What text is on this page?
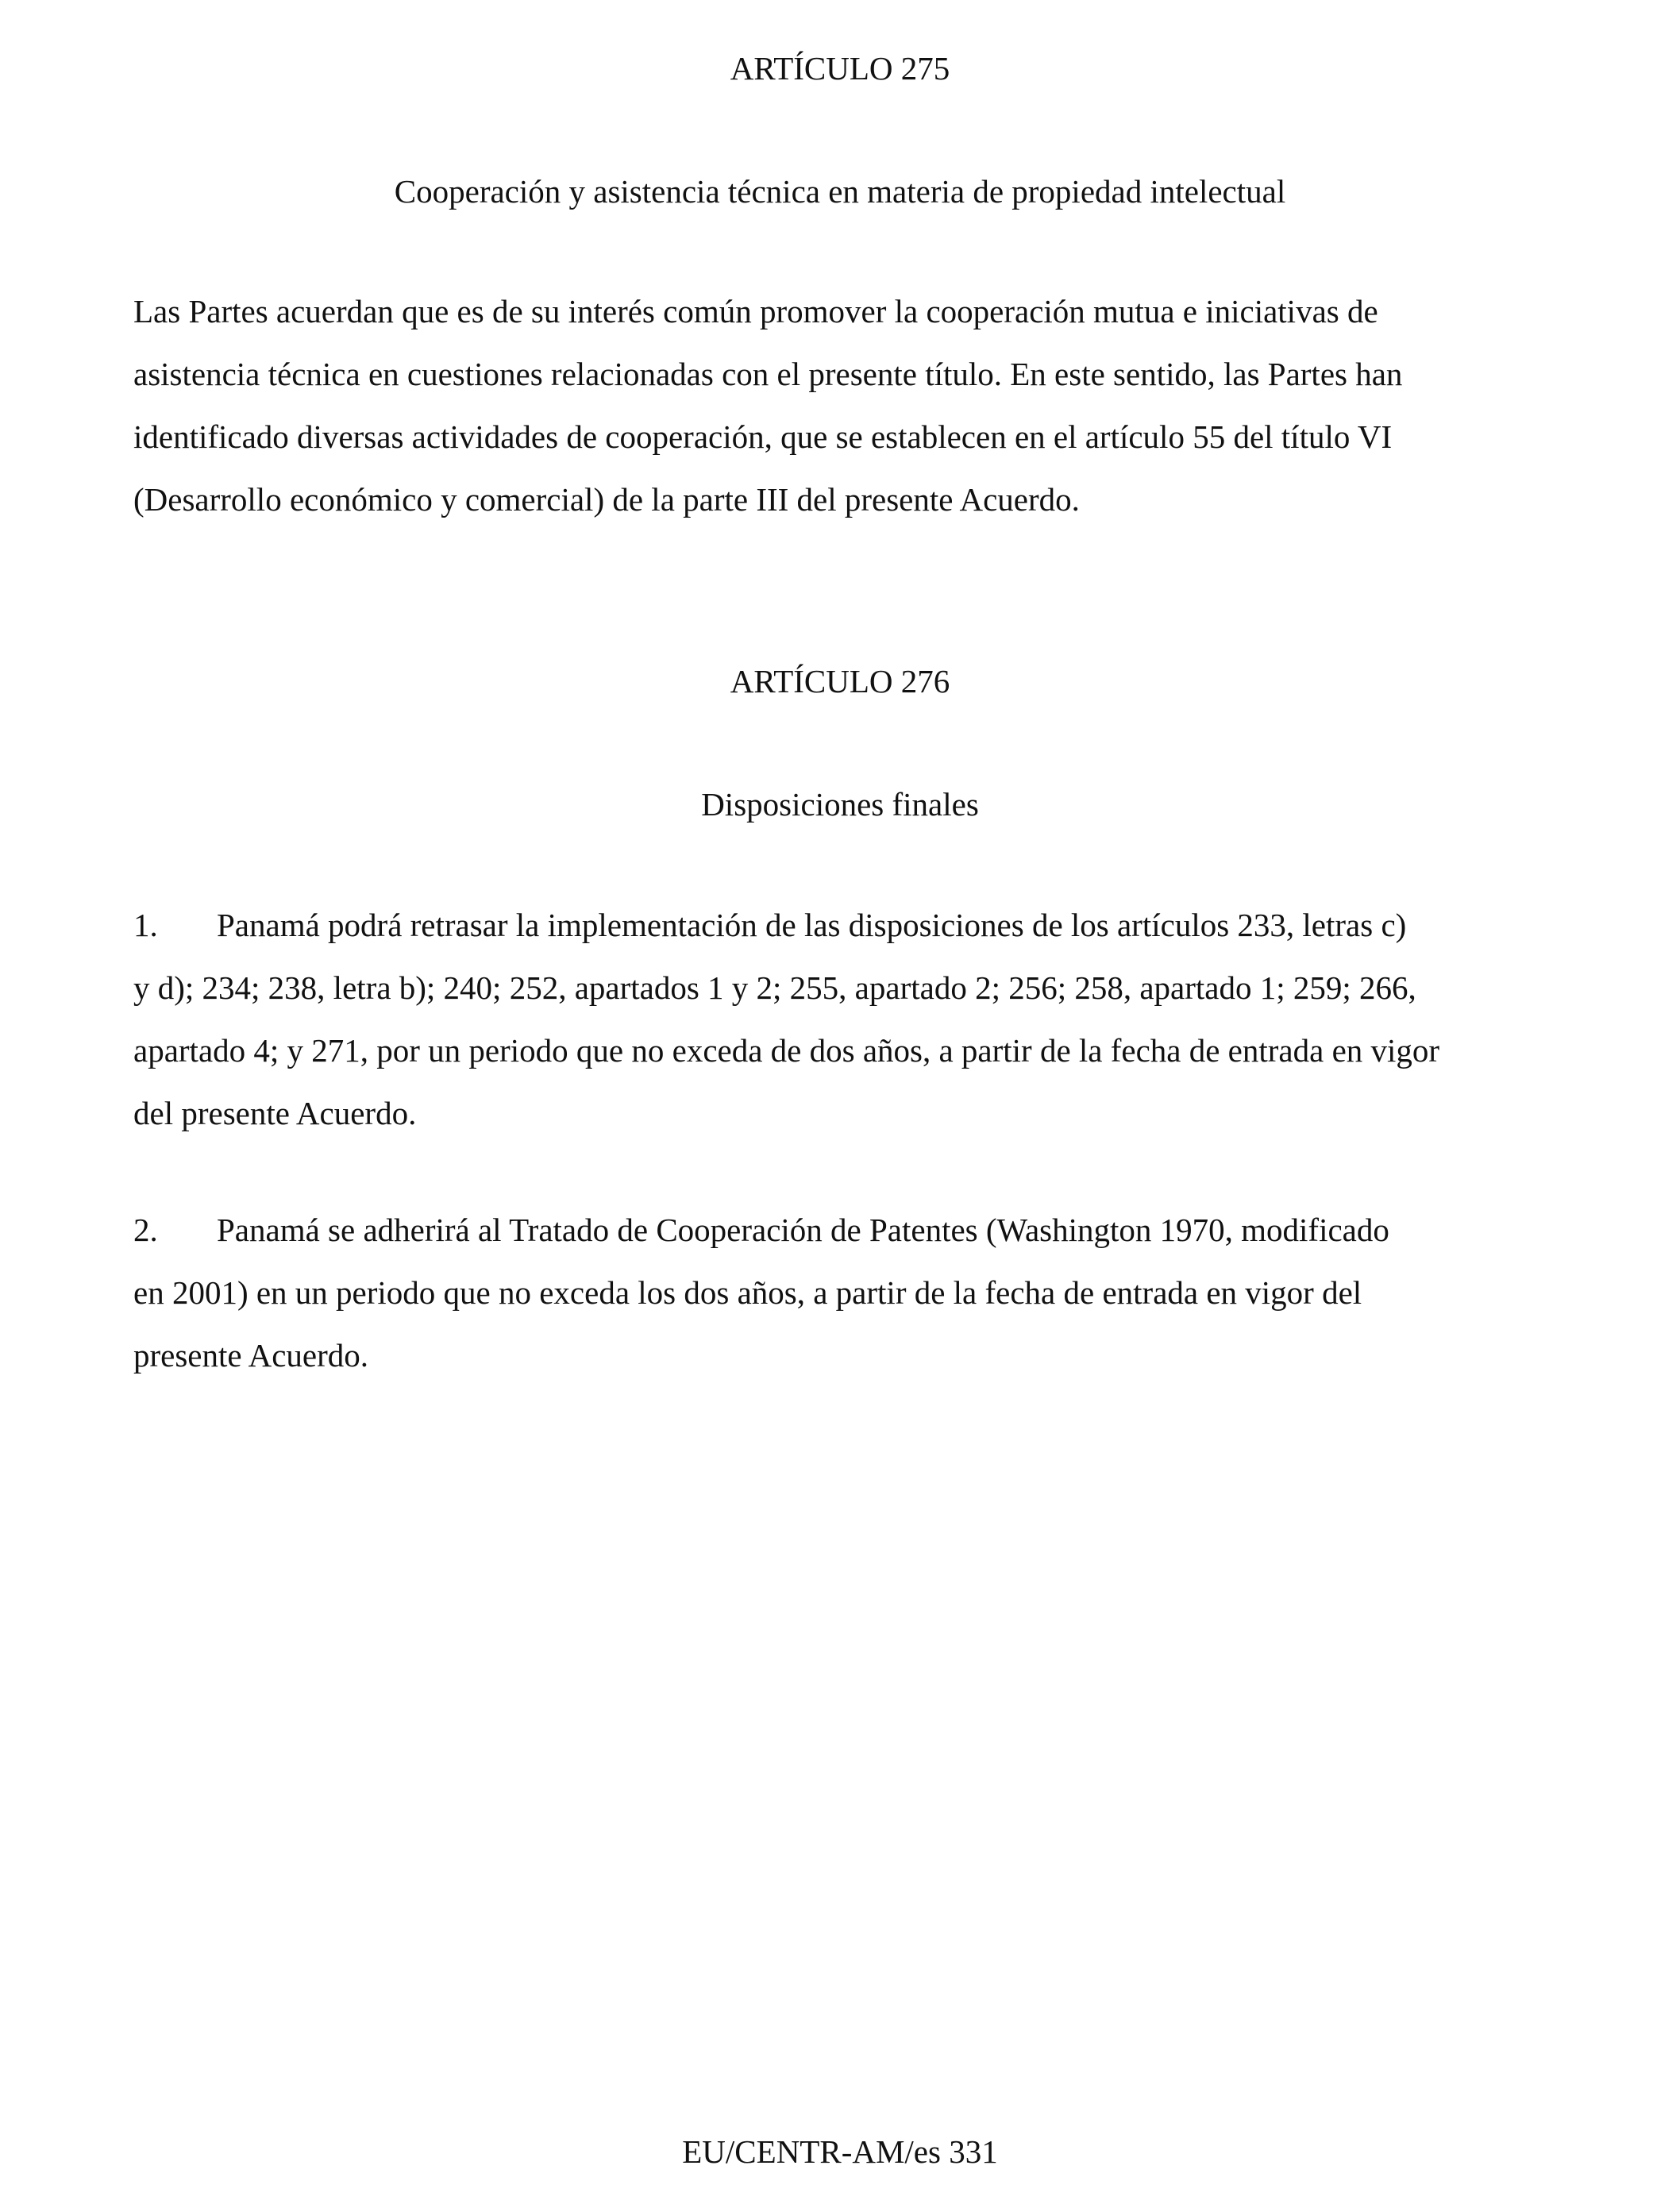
ARTÍCULO 275
Cooperación y asistencia técnica en materia de propiedad intelectual
Las Partes acuerdan que es de su interés común promover la cooperación mutua e iniciativas de
asistencia técnica en cuestiones relacionadas con el presente título. En este sentido, las Partes han
identificado diversas actividades de cooperación, que se establecen en el artículo 55 del título VI
(Desarrollo económico y comercial) de la parte III del presente Acuerdo.
ARTÍCULO 276
Disposiciones finales
1. Panamá podrá retrasar la implementación de las disposiciones de los artículos 233, letras c)
y d); 234; 238, letra b); 240; 252, apartados 1 y 2; 255, apartado 2; 256; 258, apartado 1; 259; 266,
apartado 4; y 271, por un periodo que no exceda de dos años, a partir de la fecha de entrada en vigor
del presente Acuerdo.
2. Panamá se adherirá al Tratado de Cooperación de Patentes (Washington 1970, modificado
en 2001) en un periodo que no exceda los dos años, a partir de la fecha de entrada en vigor del
presente Acuerdo.
EU/CENTR-AM/es 331
